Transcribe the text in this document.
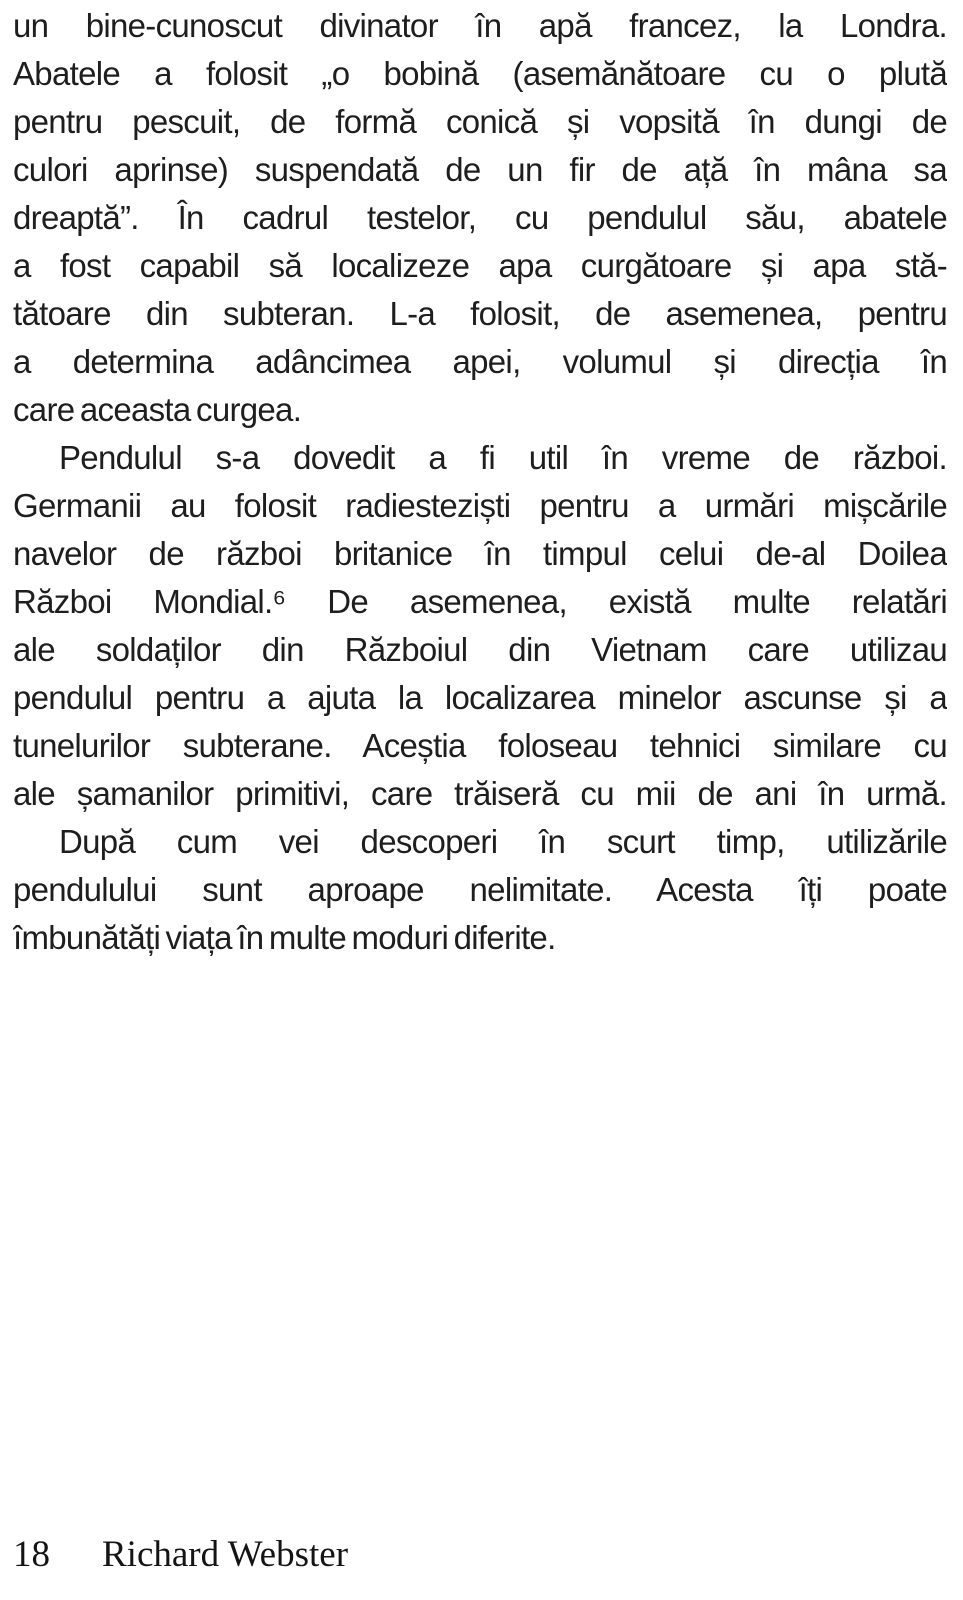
un bine-cunoscut divinator în apă francez, la Londra.
Abatele a folosit „o bobină (asemănătoare cu o plută
pentru pescuit, de formă conică și vopsită în dungi de
culori aprinse) suspendată de un fir de ață în mâna sa
dreaptă”. În cadrul testelor, cu pendulul său, abatele
a fost capabil să localizeze apa curgătoare și apa stă-
tătoare din subteran. L-a folosit, de asemenea, pentru
a determina adâncimea apei, volumul și direcția în
care aceasta curgea.
Pendulul s-a dovedit a fi util în vreme de război.
Germanii au folosit radiesteziști pentru a urmări mișcările
navelor de război britanice în timpul celui de-al Doilea
Război Mondial.⁶ De asemenea, există multe relatări
ale soldaților din Războiul din Vietnam care utilizau
pendulul pentru a ajuta la localizarea minelor ascunse și a
tunelurilor subterane. Aceștia foloseau tehnici similare cu
ale șamanilor primitivi, care trăiseră cu mii de ani în urmă.
După cum vei descoperi în scurt timp, utilizările
pendulului sunt aproape nelimitate. Acesta îți poate
îmbunătăți viața în multe moduri diferite.
18 Richard Webster
